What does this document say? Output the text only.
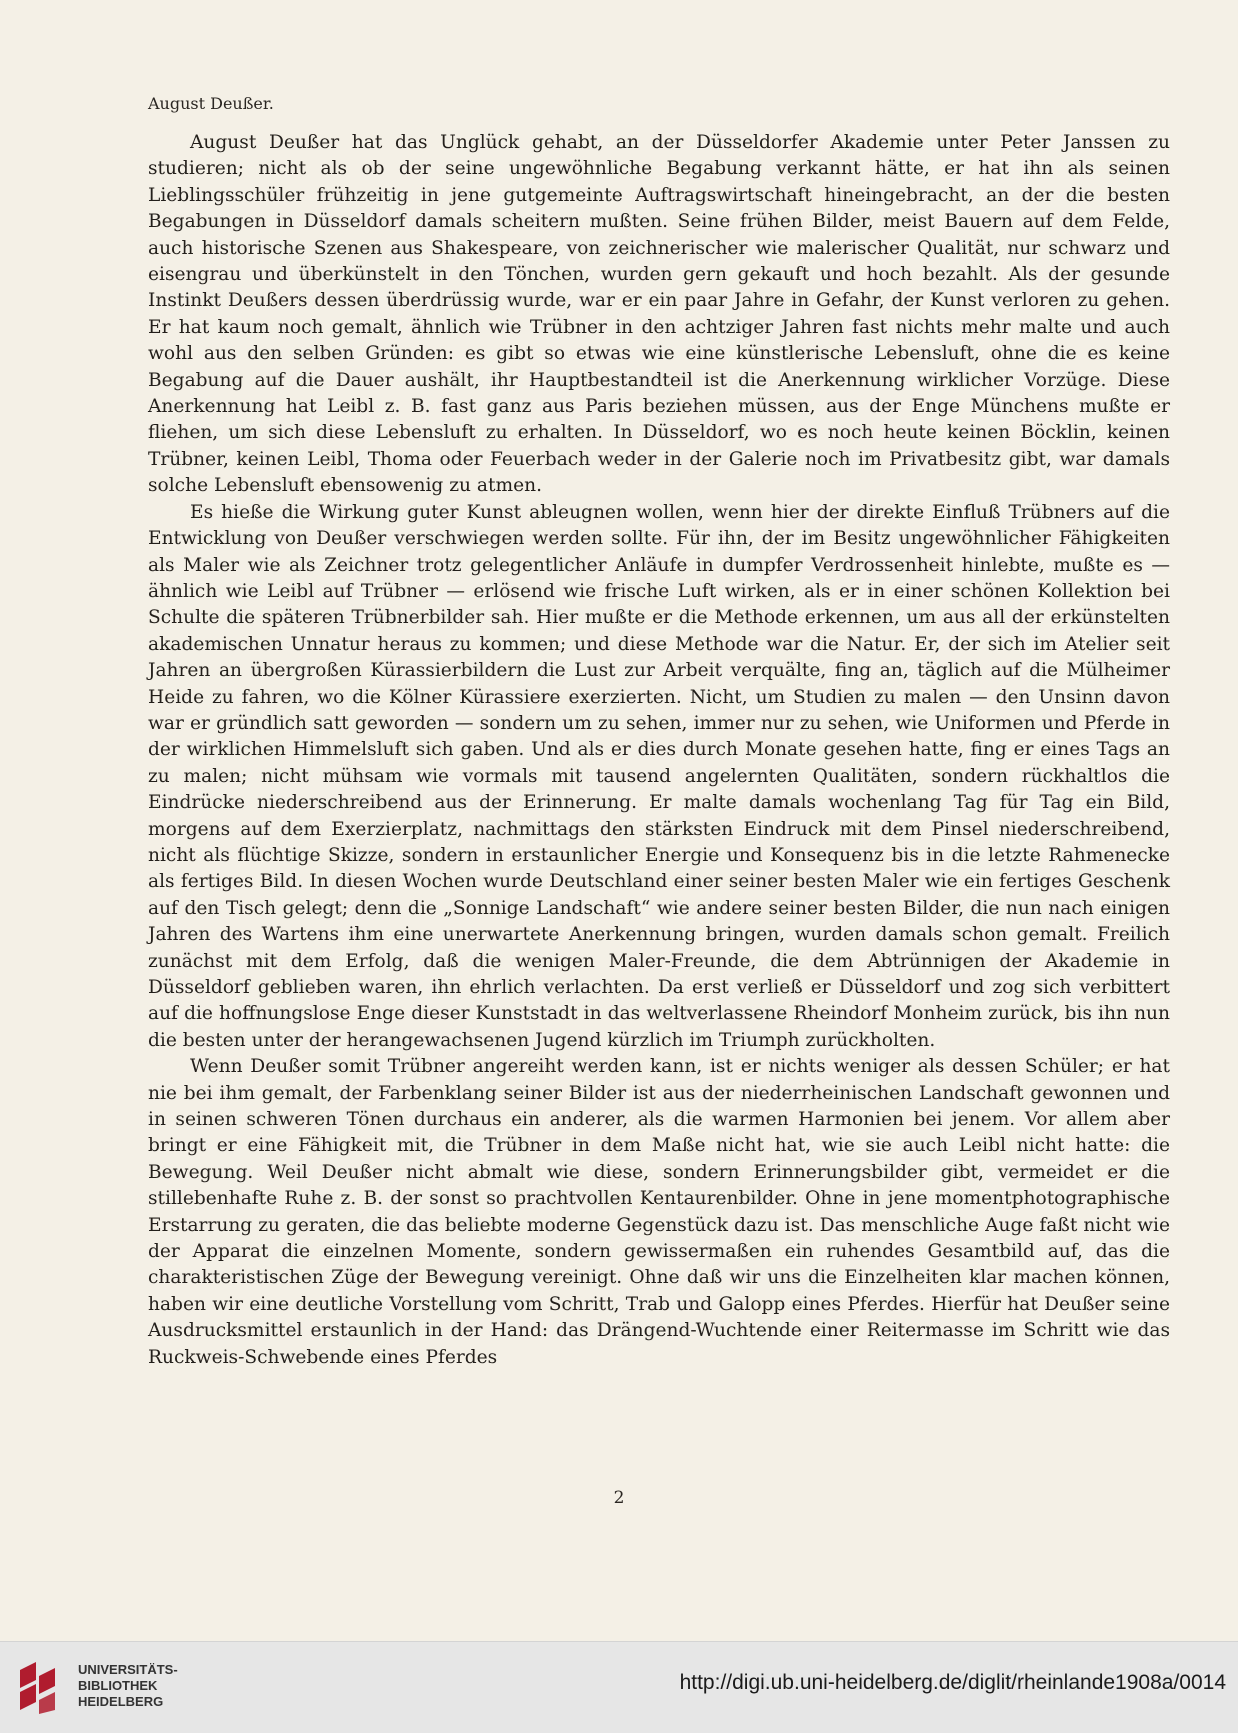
August Deußer.

August Deußer hat das Unglück gehabt, an der Düsseldorfer Akademie unter Peter Janssen zu studieren; nicht als ob der seine ungewöhnliche Begabung verkannt hätte, er hat ihn als seinen Lieblingsschüler frühzeitig in jene gutgemeinte Auftragswirtschaft hineingebracht, an der die besten Begabungen in Düsseldorf damals scheitern mußten. Seine frühen Bilder, meist Bauern auf dem Felde, auch historische Szenen aus Shakespeare, von zeichnerischer wie malerischer Qualität, nur schwarz und eisengrau und überkünstelt in den Tönchen, wurden gern gekauft und hoch bezahlt. Als der gesunde Instinkt Deußers dessen überdrüssig wurde, war er ein paar Jahre in Gefahr, der Kunst verloren zu gehen. Er hat kaum noch gemalt, ähnlich wie Trübner in den achtziger Jahren fast nichts mehr malte und auch wohl aus den selben Gründen: es gibt so etwas wie eine künstlerische Lebensluft, ohne die es keine Begabung auf die Dauer aushält, ihr Hauptbestandteil ist die Anerkennung wirklicher Vorzüge. Diese Anerkennung hat Leibl z. B. fast ganz aus Paris beziehen müssen, aus der Enge Münchens mußte er fliehen, um sich diese Lebensluft zu erhalten. In Düsseldorf, wo es noch heute keinen Böcklin, keinen Trübner, keinen Leibl, Thoma oder Feuerbach weder in der Galerie noch im Privatbesitz gibt, war damals solche Lebensluft ebensowenig zu atmen.

Es hieße die Wirkung guter Kunst ableugnen wollen, wenn hier der direkte Einfluß Trübners auf die Entwicklung von Deußer verschwiegen werden sollte. Für ihn, der im Besitz ungewöhnlicher Fähigkeiten als Maler wie als Zeichner trotz gelegentlicher Anläufe in dumpfer Verdrossenheit hinlebte, mußte es — ähnlich wie Leibl auf Trübner — erlösend wie frische Luft wirken, als er in einer schönen Kollektion bei Schulte die späteren Trübnerbilder sah. Hier mußte er die Methode erkennen, um aus all der erkünstelten akademischen Unnatur heraus zu kommen; und diese Methode war die Natur. Er, der sich im Atelier seit Jahren an übergroßen Kürassierbildern die Lust zur Arbeit verquälte, fing an, täglich auf die Mülheimer Heide zu fahren, wo die Kölner Kürassiere exerzierten. Nicht, um Studien zu malen — den Unsinn davon war er gründlich satt geworden — sondern um zu sehen, immer nur zu sehen, wie Uniformen und Pferde in der wirklichen Himmelsluft sich gaben. Und als er dies durch Monate gesehen hatte, fing er eines Tags an zu malen; nicht mühsam wie vormals mit tausend angelernten Qualitäten, sondern rückhaltlos die Eindrücke niederschreibend aus der Erinnerung. Er malte damals wochenlang Tag für Tag ein Bild, morgens auf dem Exerzierplatz, nachmittags den stärksten Eindruck mit dem Pinsel niederschreibend, nicht als flüchtige Skizze, sondern in erstaunlicher Energie und Konsequenz bis in die letzte Rahmenecke als fertiges Bild. In diesen Wochen wurde Deutschland einer seiner besten Maler wie ein fertiges Geschenk auf den Tisch gelegt; denn die „Sonnige Landschaft“ wie andere seiner besten Bilder, die nun nach einigen Jahren des Wartens ihm eine unerwartete Anerkennung bringen, wurden damals schon gemalt. Freilich zunächst mit dem Erfolg, daß die wenigen Maler-Freunde, die dem Abtrünnigen der Akademie in Düsseldorf geblieben waren, ihn ehrlich verlachten. Da erst verließ er Düsseldorf und zog sich verbittert auf die hoffnungslose Enge dieser Kunststadt in das weltverlassene Rheindorf Monheim zurück, bis ihn nun die besten unter der herangewachsenen Jugend kürzlich im Triumph zurückholten.

Wenn Deußer somit Trübner angereiht werden kann, ist er nichts weniger als dessen Schüler; er hat nie bei ihm gemalt, der Farbenklang seiner Bilder ist aus der niederrheinischen Landschaft gewonnen und in seinen schweren Tönen durchaus ein anderer, als die warmen Harmonien bei jenem. Vor allem aber bringt er eine Fähigkeit mit, die Trübner in dem Maße nicht hat, wie sie auch Leibl nicht hatte: die Bewegung. Weil Deußer nicht abmalt wie diese, sondern Erinnerungsbilder gibt, vermeidet er die stillebenhafte Ruhe z. B. der sonst so prachtvollen Kentaurenbilder. Ohne in jene momentphotographische Erstarrung zu geraten, die das beliebte moderne Gegenstück dazu ist. Das menschliche Auge faßt nicht wie der Apparat die einzelnen Momente, sondern gewissermaßen ein ruhendes Gesamtbild auf, das die charakteristischen Züge der Bewegung vereinigt. Ohne daß wir uns die Einzelheiten klar machen können, haben wir eine deutliche Vorstellung vom Schritt, Trab und Galopp eines Pferdes. Hierfür hat Deußer seine Ausdrucksmittel erstaunlich in der Hand: das Drängend-Wuchtende einer Reitermasse im Schritt wie das Ruckweis-Schwebende eines Pferdes

2
UNIVERSITÄTS-
BIBLIOTHEK
HEIDELBERG
http://digi.ub.uni-heidelberg.de/diglit/rheinlande1908a/0014
